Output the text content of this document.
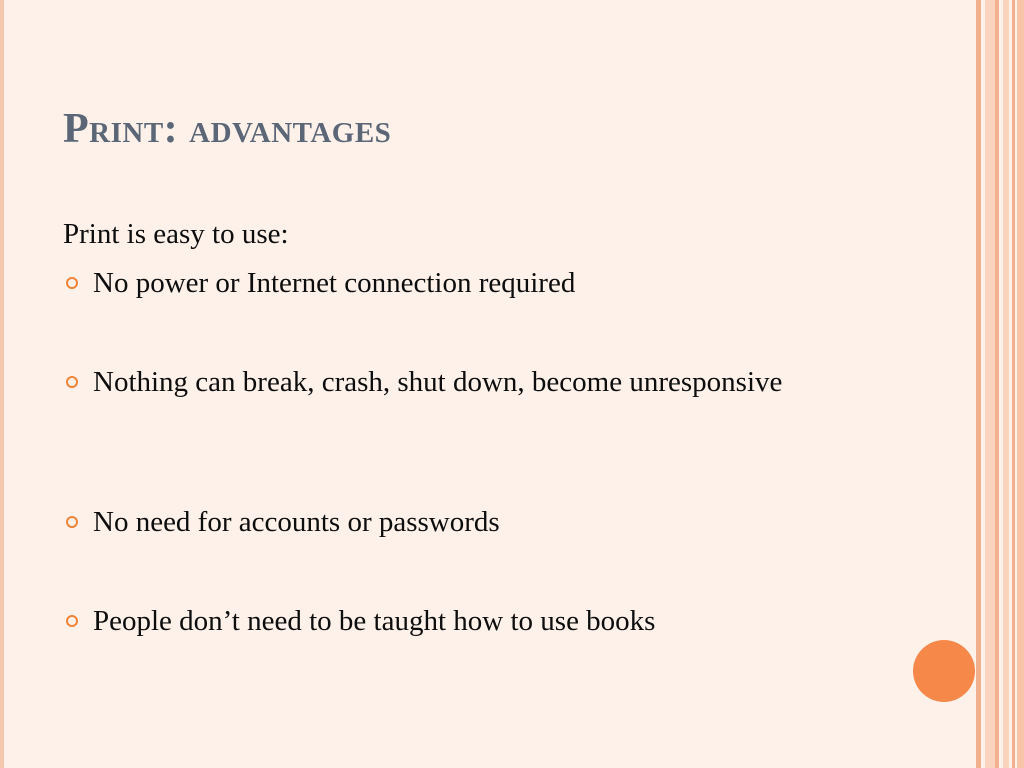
Print: advantages
Print is easy to use:
No power or Internet connection required
Nothing can break, crash, shut down, become unresponsive
No need for accounts or passwords
People don’t need to be taught how to use books
